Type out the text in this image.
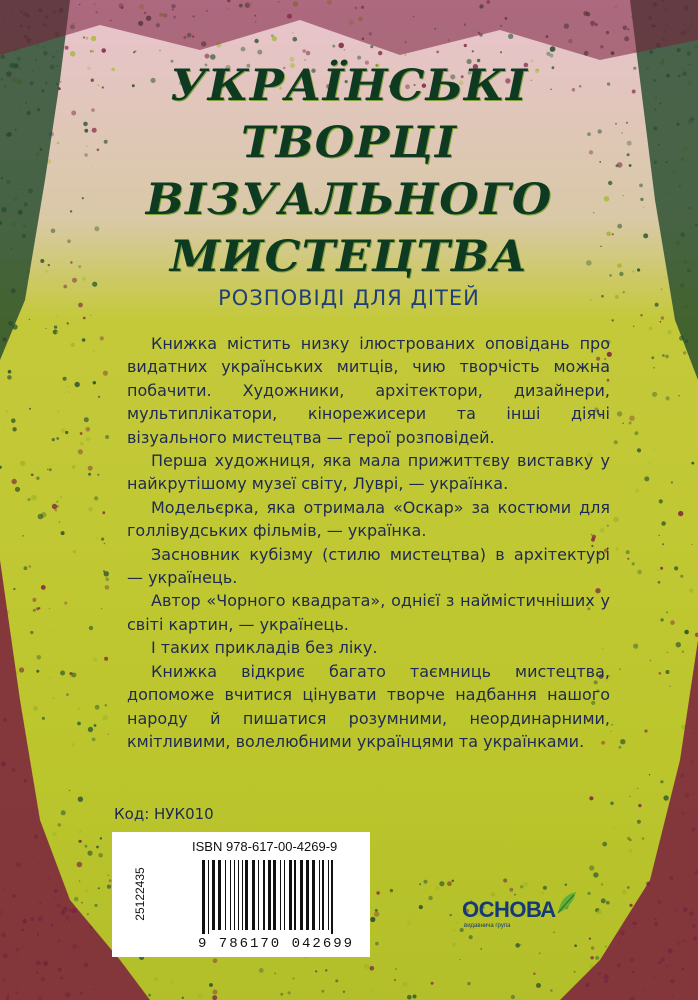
УКРАЇНСЬКІ
ТВОРЦІ
ВІЗУАЛЬНОГО
МИСТЕЦТВА
РОЗПОВІДІ ДЛЯ ДІТЕЙ

Книжка містить низку ілюстрованих оповідань про видатних українських митців, чию творчість можна побачити. Художники, архітектори, дизайнери, мультиплікатори, кінорежисери та інші діячі візуального мистецтва — герої розповідей.

Перша художниця, яка мала прижиттєву виставку у найкрутішому музеї світу, Луврі, — українка.

Модельєрка, яка отримала «Оскар» за костюми для голлівудських фільмів, — українка.

Засновник кубізму (стилю мистецтва) в архітектурі — українець.

Автор «Чорного квадрата», однієї з наймістичніших у світі картин, — українець.

І таких прикладів без ліку.

Книжка відкриє багато таємниць мистецтва, допоможе вчитися цінувати творче надбання нашого народу й пишатися розумними, неординарними, кмітливими, волелюбними українцями та українками.

Код: НУК010
ISBN 978-617-00-4269-9
25122435
9 786170 042699
ОСНОВА
видавнича група
